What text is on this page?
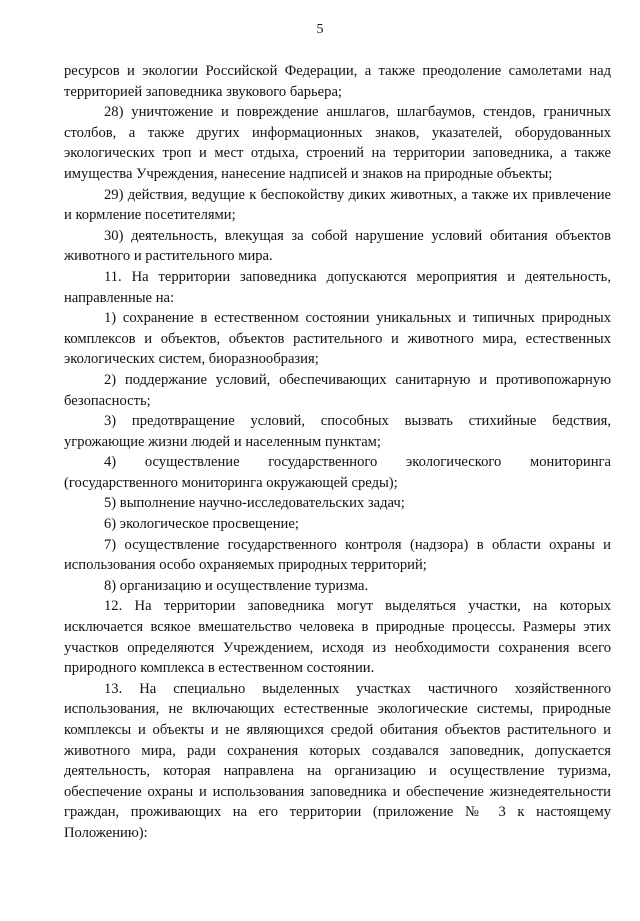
5

ресурсов и экологии Российской Федерации, а также преодоление самолетами над территорией заповедника звукового барьера;

28) уничтожение и повреждение аншлагов, шлагбаумов, стендов, граничных столбов, а также других информационных знаков, указателей, оборудованных экологических троп и мест отдыха, строений на территории заповедника, а также имущества Учреждения, нанесение надписей и знаков на природные объекты;

29) действия, ведущие к беспокойству диких животных, а также их привлечение и кормление посетителями;

30) деятельность, влекущая за собой нарушение условий обитания объектов животного и растительного мира.

11. На территории заповедника допускаются мероприятия и деятельность, направленные на:

1) сохранение в естественном состоянии уникальных и типичных природных комплексов и объектов, объектов растительного и животного мира, естественных экологических систем, биоразнообразия;

2) поддержание условий, обеспечивающих санитарную и противопожарную безопасность;

3) предотвращение условий, способных вызвать стихийные бедствия, угрожающие жизни людей и населенным пунктам;

4) осуществление государственного экологического мониторинга (государственного мониторинга окружающей среды);

5) выполнение научно-исследовательских задач;

6) экологическое просвещение;

7) осуществление государственного контроля (надзора) в области охраны и использования особо охраняемых природных территорий;

8) организацию и осуществление туризма.

12. На территории заповедника могут выделяться участки, на которых исключается всякое вмешательство человека в природные процессы. Размеры этих участков определяются Учреждением, исходя из необходимости сохранения всего природного комплекса в естественном состоянии.

13. На специально выделенных участках частичного хозяйственного использования, не включающих естественные экологические системы, природные комплексы и объекты и не являющихся средой обитания объектов растительного и животного мира, ради сохранения которых создавался заповедник, допускается деятельность, которая направлена на организацию и осуществление туризма, обеспечение охраны и использования заповедника и обеспечение жизнедеятельности граждан, проживающих на его территории (приложение № 3 к настоящему Положению):
